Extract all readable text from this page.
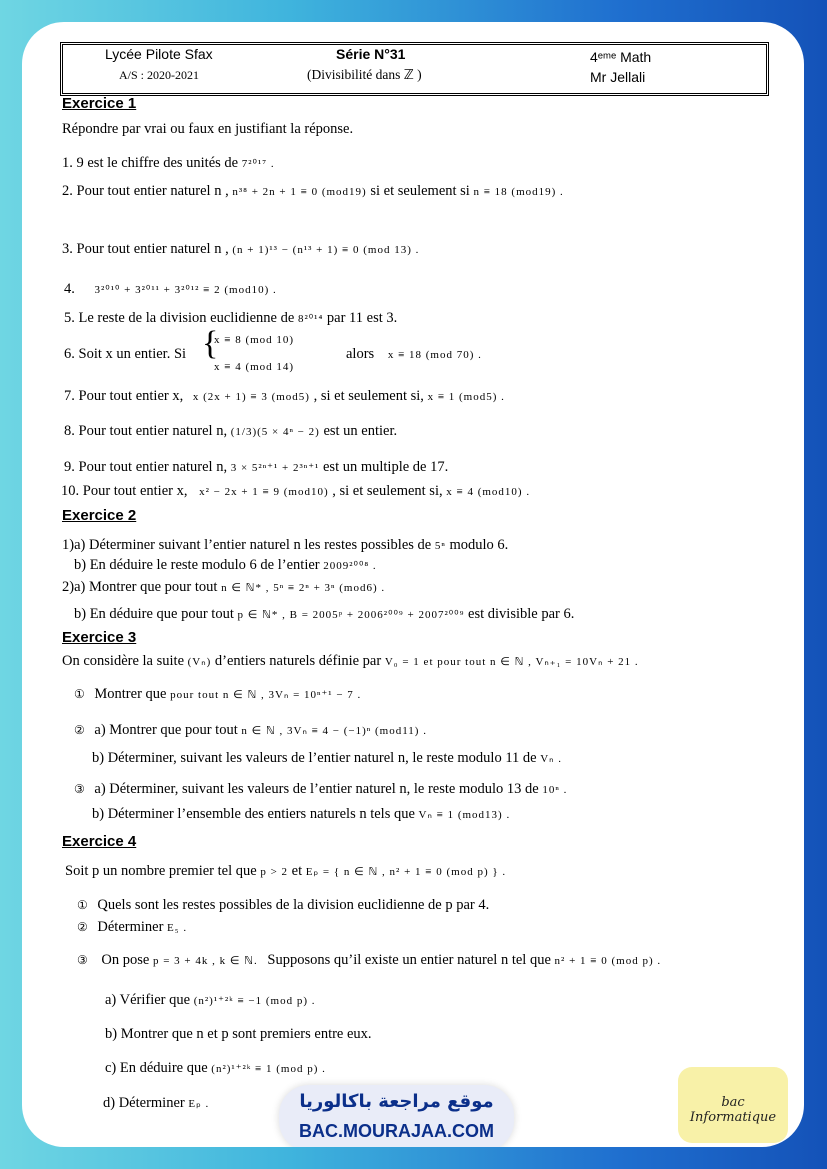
Lycée Pilote Sfax
A/S : 2020-2021
Série N°31
(Divisibilité dans ℤ )
4ᵉᵐᵉ Math
Mr Jellali
Exercice 1
Répondre par vrai ou faux en justifiant la réponse.
1. 9 est le chiffre des unités de 7²⁰¹⁷ .
2. Pour tout entier naturel n , n³⁸ + 2n + 1 ≡ 0 (mod19) si et seulement si n ≡ 18 (mod19) .
3. Pour tout entier naturel n , (n + 1)¹³ − (n¹³ + 1) ≡ 0 (mod 13) .
4. 3²⁰¹⁰ + 3²⁰¹¹ + 3²⁰¹² ≡ 2 (mod10) .
5. Le reste de la division euclidienne de 8²⁰¹⁴ par 11 est 3.
6. Soit x un entier. Si {
x ≡ 8 (mod 10)
x ≡ 4 (mod 14)
alors x ≡ 18 (mod 70) .
7. Pour tout entier x, x (2x + 1) ≡ 3 (mod5) , si et seulement si, x ≡ 1 (mod5) .
8. Pour tout entier naturel n, (1/3)(5 × 4ⁿ − 2) est un entier.
9. Pour tout entier naturel n, 3 × 5²ⁿ⁺¹ + 2³ⁿ⁺¹ est un multiple de 17.
10. Pour tout entier x, x² − 2x + 1 ≡ 9 (mod10) , si et seulement si, x ≡ 4 (mod10) .
Exercice 2
1)a) Déterminer suivant l’entier naturel n les restes possibles de 5ⁿ modulo 6.
b) En déduire le reste modulo 6 de l’entier 2009²⁰⁰⁸ .
2)a) Montrer que pour tout n ∈ ℕ* , 5ⁿ ≡ 2ⁿ + 3ⁿ (mod6) .
b) En déduire que pour tout p ∈ ℕ* , B = 2005ᵖ + 2006²⁰⁰⁹ + 2007²⁰⁰⁹ est divisible par 6.
Exercice 3
On considère la suite (Vₙ) d’entiers naturels définie par V₀ = 1 et pour tout n ∈ ℕ , Vₙ₊₁ = 10Vₙ + 21 .
① Montrer que pour tout n ∈ ℕ , 3Vₙ = 10ⁿ⁺¹ − 7 .
② a) Montrer que pour tout n ∈ ℕ , 3Vₙ ≡ 4 − (−1)ⁿ (mod11) .
b) Déterminer, suivant les valeurs de l’entier naturel n, le reste modulo 11 de Vₙ .
③ a) Déterminer, suivant les valeurs de l’entier naturel n, le reste modulo 13 de 10ⁿ .
b) Déterminer l’ensemble des entiers naturels n tels que Vₙ ≡ 1 (mod13) .
Exercice 4
Soit p un nombre premier tel que p > 2 et Eₚ = { n ∈ ℕ , n² + 1 ≡ 0 (mod p) } .
① Quels sont les restes possibles de la division euclidienne de p par 4.
② Déterminer E₅ .
③ On pose p = 3 + 4k , k ∈ ℕ. Supposons qu’il existe un entier naturel n tel que n² + 1 ≡ 0 (mod p) .
a) Vérifier que (n²)¹⁺²ᵏ ≡ −1 (mod p) .
b) Montrer que n et p sont premiers entre eux.
c) En déduire que (n²)¹⁺²ᵏ ≡ 1 (mod p) .
d) Déterminer Eₚ .	موقع مراجعة باكالوريا
BAC.MOURAJAA.COM
bac Informatique
